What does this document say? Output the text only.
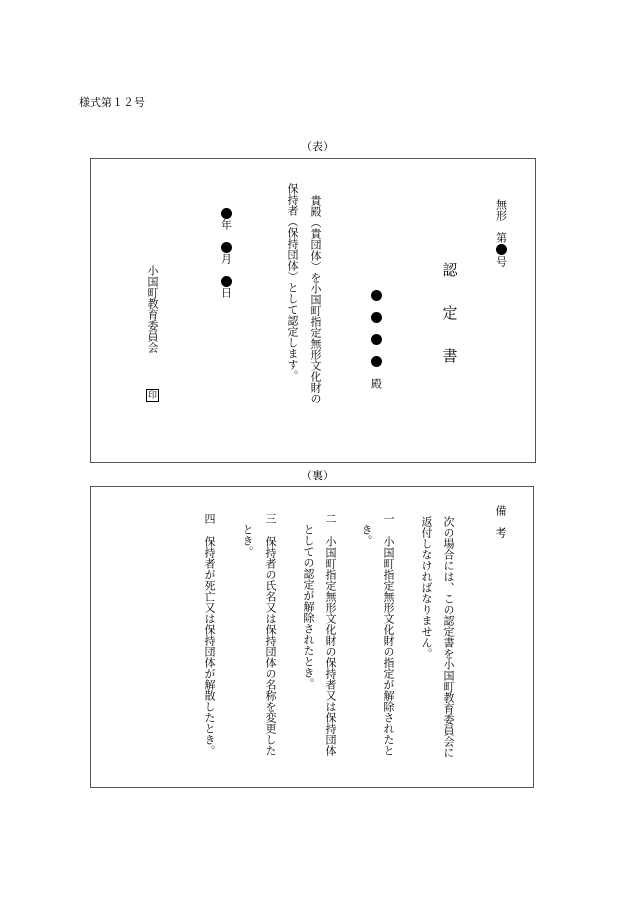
様式第１２号
（表）
無形
第
号
認
定
書
殿
貴殿（貴団体）を小国町指定無形文化財の
保持者（保持団体）として認定します。
年
月
日
小国町教育委員会
印
（裏）
備　考
次の場合には、この認定書を小国町教育委員会に
返付しなければなりません。
一
小国町指定無形文化財の指定が解除されたと
き。
二
小国町指定無形文化財の保持者又は保持団体
としての認定が解除されたとき。
三
保持者の氏名又は保持団体の名称を変更した
とき。
四
保持者が死亡又は保持団体が解散したとき。
